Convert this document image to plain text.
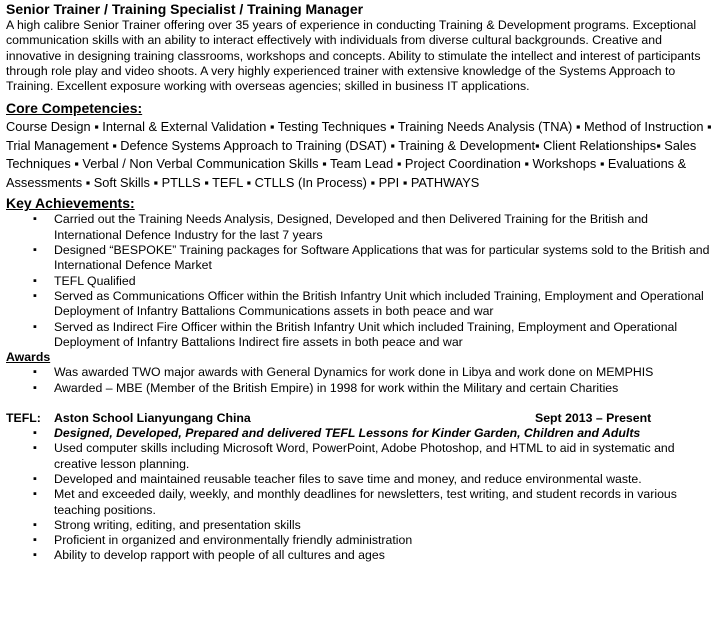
Senior Trainer / Training Specialist / Training Manager

A high calibre Senior Trainer offering over 35 years of experience in conducting Training & Development programs. Exceptional communication skills with an ability to interact effectively with individuals from diverse cultural backgrounds. Creative and innovative in designing training classrooms, workshops and concepts. Ability to stimulate the intellect and interest of participants through role play and video shoots. A very highly experienced trainer with extensive knowledge of the Systems Approach to Training. Excellent exposure working with overseas agencies; skilled in business IT applications.

Core Competencies:
Course Design ▪ Internal & External Validation ▪ Testing Techniques ▪ Training Needs Analysis (TNA) ▪ Method of Instruction ▪ Trial Management ▪ Defence Systems Approach to Training (DSAT) ▪ Training & Development▪ Client Relationships▪ Sales Techniques ▪ Verbal / Non Verbal Communication Skills ▪ Team Lead ▪ Project Coordination ▪ Workshops ▪ Evaluations & Assessments ▪ Soft Skills ▪ PTLLS ▪ TEFL ▪ CTLLS (In Process) ▪ PPI ▪ PATHWAYS
Key Achievements:
▪ Carried out the Training Needs Analysis, Designed, Developed and then Delivered Training for the British and International Defence Industry for the last 7 years
▪ Designed “BESPOKE” Training packages for Software Applications that was for particular systems sold to the British and International Defence Market
▪ TEFL Qualified
▪ Served as Communications Officer within the British Infantry Unit which included Training, Employment and Operational Deployment of Infantry Battalions Communications assets in both peace and war
▪ Served as Indirect Fire Officer within the British Infantry Unit which included Training, Employment and Operational Deployment of Infantry Battalions Indirect fire assets in both peace and war
Awards
▪ Was awarded TWO major awards with General Dynamics for work done in Libya and work done on MEMPHIS
▪ Awarded – MBE (Member of the British Empire) in 1998 for work within the Military and certain Charities
TEFL: Aston School Lianyungang China	Sept 2013 – Present
▪ Designed, Developed, Prepared and delivered TEFL Lessons for Kinder Garden, Children and Adults
▪ Used computer skills including Microsoft Word, PowerPoint, Adobe Photoshop, and HTML to aid in systematic and creative lesson planning.
▪ Developed and maintained reusable teacher files to save time and money, and reduce environmental waste.
▪ Met and exceeded daily, weekly, and monthly deadlines for newsletters, test writing, and student records in various teaching positions.
▪ Strong writing, editing, and presentation skills
▪ Proficient in organized and environmentally friendly administration
▪ Ability to develop rapport with people of all cultures and ages
